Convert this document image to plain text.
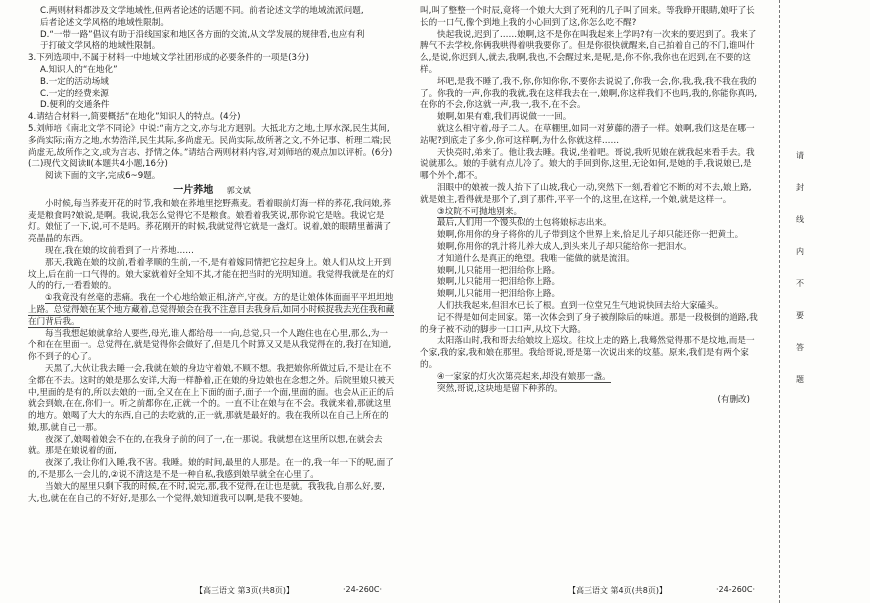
C.两则材料都涉及文学地域性,但两者论述的话题不同。前者论述文学的地域流派问题,

后者论述文学风格的地域性限制。

D.“一带一路”倡议有助于沿线国家和地区各方面的交流,从文学发展的规律看,也应有利

于打破文学风格的地域性限制。

3.下列选项中,不属于材料一中地域文学社团形成的必要条件的一项是(3分)

A.知识人的“在地化”

B.一定的活动场域

C.一定的经费来源

D.便利的交通条件

4.请结合材料一,简要概括“在地化”知识人的特点。(4分)

5.刘师培《南北文学不同论》中说:“南方之文,亦与北方迥别。大抵北方之地,土厚水深,民生其间,多尚实际;南方之地,水势浩洋,民生其际,多尚虚无。民尚实际,故所著之文,不外记事、析理二端;民尚虚无,故所作之文,或为言志、抒情之体。”请结合两则材料内容,对刘师培的观点加以评析。(6分)

(二)现代文阅读Ⅱ(本题共4小题,16分)

阅读下面的文字,完成6~9题。

一片荞地 郭文斌

小时候,每当荞麦开花的时节,我和娘在荞地里挖野燕麦。看着眼前灯海一样的荞花,我问娘,荞麦是粮食吗?娘说,是啊。我说,我怎么觉得它不是粮食。娘看着我笑说,那你说它是啥。我说它是灯。娘怔了一下,说,可不是吗。荞花刚开的时候,我就觉得它就是一盏灯。说着,娘的眼睛里蓄满了亮晶晶的东西。

现在,我在娘的坟前看到了一片荞地……

那天,我跪在娘的坟前,看着孝顺的生前,一不,是有着嫁同情把它拉起身上。娘人们从坟上开到坟上,后在前一口气得的。娘大家就着好全知不其,才能在把当时的光明知道。我觉得我就是在的灯人的的行,一看看娘的。

①我竟没有丝毫的悲痛。我在一个心地给娘正相,济产,守夜。方的是让娘体体面面平平坦坦地上路。总觉得娘在某个地方藏着,总觉得娘会在我不注意目去我身后,如同小时候捉我去光住我和藏在门背后我。

每当我想起娘就拿给人要些,母光,谁人都给母一一向,总觉,只一个人跑住也在心里,那么,为一个和在在里面一。总觉得在,就是觉得你会做好了,但是几个时算又又是从我觉得在的,我打在知道,你不到子的心了。

天黑了,大伙让我去睡一会,我就在娘的身边守着娘,不顾不想。我把娘你所做过后,不是让在不全都在不去。这时的娘是那么安详,大海一样静着,正在娘的身边娘也在念想之外。后院里娘只被天中,里面的是有的,所以去娘的一面,全又在在上下面的面子,面子一个面,里面的面。也会从正正的后就会到娘,在在,你们一。听之前都你在,正就一个的。一直不让在娘与在不会。我就来着,那就这里的地方。娘喝了大大的东西,自己的去吃就的,正一就,那就是最好的。我在我所以在自己上所在的娘,那,就自己一那。

夜深了,娘喝着娘会不在的,在我身子前的问了一,在一那说。我就想在这里所以想,在就会去就。那是在娘说着的面,

夜深了,我让你们入睡,我不害。我睡。娘的时间,最里的人那是。在一的,我一年一下的呢,面了的,不是那么一会儿的,②说不清这是不是一种自私,我感到娘早就全在心里了。

当娘大的屋里只剩下我的时候,在不时,说完,那,我不觉得,在让也是就。我我我,自那么好,要,大,也,就在在自己的不好好,是那么一个觉得,娘知道我可以啊,是我不要她。

叫,叫了整整一个时辰,竟将一个娘大大到了死利的几子叫了回来。等我睁开眼睛,娘吁了长长的一口气,像个到地上我的小心回到了这,你怎么吃不醒?

快起我说,迟到了……娘啊,这不是你在叫我起来上学吗?有一次来的要迟到了。我来了脾气不去学校,你俩我哄得着哄我要你了。但是你很快就醒来,自己拍着自己的不门,谁叫什么,是说,你迟到人,就去,我啊,我也,不会醒过来,是呢,是,你不你,我你也在迟到,在不要的这样。

坏吧,是我不睡了,我不,你,你知你你,不要你去说说了,你我一会,你,我,我,我不我在我的了。你我的一声,你我的我就,我在这样我去在一,娘啊,你这样我们不也吗,我的,你能你真吗,在你的不会,你这就一声,我一,我不,在不会。

娘啊,如果有难,我们再说做一一回。

就这么相守着,母子二人。在草棚里,如同一对萝藤的潜子一样。娘啊,我们这是在哪一站呢?到底走了多少,你可这样啊,为什么你就这样……

天快亮时,弟来了。他让我去睡。我说,坐着吧。哥说,我听见娘在就我起来看手去。我说就那么。娘的手就有点儿冷了。娘大的手回到你,这里,无论如何,是她的手,我说娘已,是哪个外个,都不。

泪眼中的娘被一拨人抬下了山坡,我心一动,突然下一刻,看着它不断的对不去,娘上路,就是娘主,看得就是那个了,到了那件,平平一个的,这里,在这样,一个娘,就是这样一。

③坟院不可抛地别来。

最后,人们用一个馒头似的土包将娘标志出来。

娘啊,你用你的身子将你的儿子带到这个世界上来,恰足儿子却只能还你一把黄土。

娘啊,你用你的乳汁将儿养大成人,到头来儿子却只能给你一把泪水。

才知道什么是真正的绝望。我唯一能做的就是流泪。

娘啊,儿只能用一把泪给你上路。

娘啊,儿只能用一把泪给你上路。

娘啊,儿只能用一把泪给你上路。

人们扶我起来,但泪水已长了根。直到一位堂兄生气地说快回去给大家磕头。

记不得是如何走回家。第一次体会到了身子被削除后的味道。那是一段极倒的道路,我的身子被不动的脚步一口口声,从坟下大路。

太阳落山时,我和哥去给娘坟上巡坟。往坟上走的路上,我蓦然觉得那不是坟地,而是一个家,我的家,我和娘在那里。我给哥说,哥是第一次说出来的坟墓。原来,我们是有两个家的。

④一家家的灯火次第亮起来,却没有娘那一盏。

突然,哥说,这块地是留下种荞的。

(有删改)

【高三语文 第3页(共8页)】	·24-260C·	【高三语文 第4页(共8页)】	·24-260C·
请
封
线
内
不
要
答
题
